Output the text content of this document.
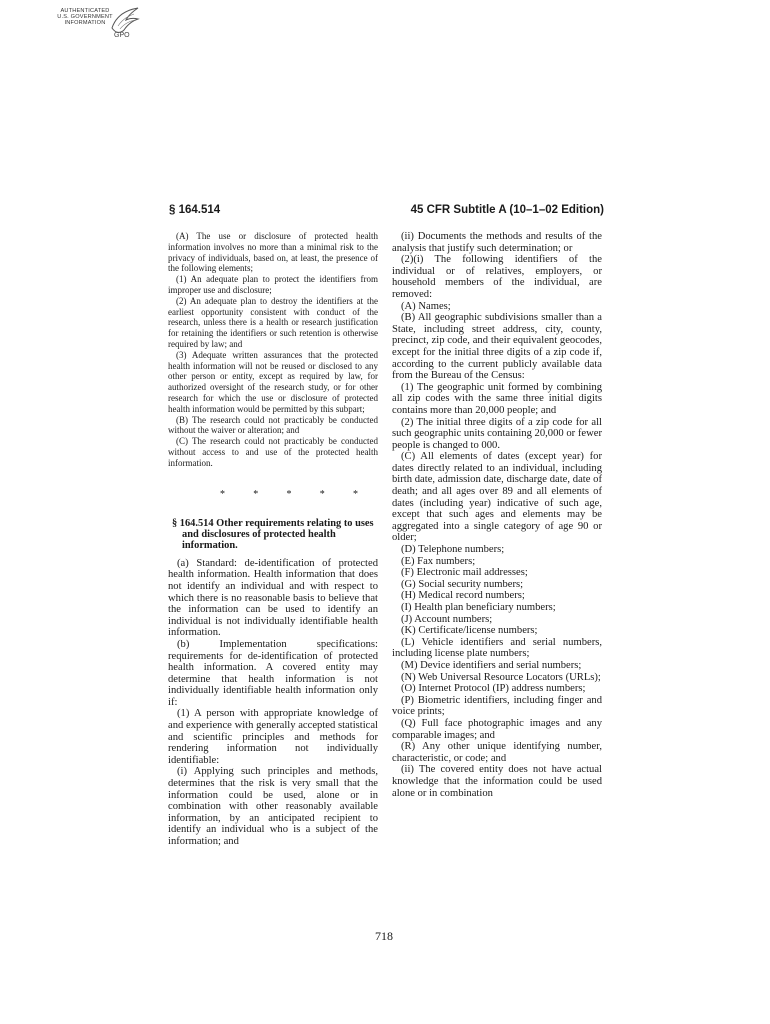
AUTHENTICATED
U.S. GOVERNMENT
INFORMATION
GPO
§ 164.514	45 CFR Subtitle A (10–1–02 Edition)

(A) The use or disclosure of protected health information involves no more than a minimal risk to the privacy of individuals, based on, at least, the presence of the following elements;

(1) An adequate plan to protect the identifiers from improper use and disclosure;

(2) An adequate plan to destroy the identifiers at the earliest opportunity consistent with conduct of the research, unless there is a health or research justification for retaining the identifiers or such retention is otherwise required by law; and

(3) Adequate written assurances that the protected health information will not be reused or disclosed to any other person or entity, except as required by law, for authorized oversight of the research study, or for other research for which the use or disclosure of protected health information would be permitted by this subpart;

(B) The research could not practicably be conducted without the waiver or alteration; and

(C) The research could not practicably be conducted without access to and use of the protected health information.

*	*	*	*	*
§ 164.514 Other requirements relating to uses and disclosures of protected health information.

(a) Standard: de-identification of protected health information. Health information that does not identify an individual and with respect to which there is no reasonable basis to believe that the information can be used to identify an individual is not individually identifiable health information.

(b) Implementation specifications: requirements for de-identification of protected health information. A covered entity may determine that health information is not individually identifiable health information only if:

(1) A person with appropriate knowledge of and experience with generally accepted statistical and scientific principles and methods for rendering information not individually identifiable:

(i) Applying such principles and methods, determines that the risk is very small that the information could be used, alone or in combination with other reasonably available information, by an anticipated recipient to identify an individual who is a subject of the information; and

(ii) Documents the methods and results of the analysis that justify such determination; or

(2)(i) The following identifiers of the individual or of relatives, employers, or household members of the individual, are removed:

(A) Names;

(B) All geographic subdivisions smaller than a State, including street address, city, county, precinct, zip code, and their equivalent geocodes, except for the initial three digits of a zip code if, according to the current publicly available data from the Bureau of the Census:

(1) The geographic unit formed by combining all zip codes with the same three initial digits contains more than 20,000 people; and

(2) The initial three digits of a zip code for all such geographic units containing 20,000 or fewer people is changed to 000.

(C) All elements of dates (except year) for dates directly related to an individual, including birth date, admission date, discharge date, date of death; and all ages over 89 and all elements of dates (including year) indicative of such age, except that such ages and elements may be aggregated into a single category of age 90 or older;

(D) Telephone numbers;

(E) Fax numbers;

(F) Electronic mail addresses;

(G) Social security numbers;

(H) Medical record numbers;

(I) Health plan beneficiary numbers;

(J) Account numbers;

(K) Certificate/license numbers;

(L) Vehicle identifiers and serial numbers, including license plate numbers;

(M) Device identifiers and serial numbers;

(N) Web Universal Resource Locators (URLs);

(O) Internet Protocol (IP) address numbers;

(P) Biometric identifiers, including finger and voice prints;

(Q) Full face photographic images and any comparable images; and

(R) Any other unique identifying number, characteristic, or code; and

(ii) The covered entity does not have actual knowledge that the information could be used alone or in combination

718
